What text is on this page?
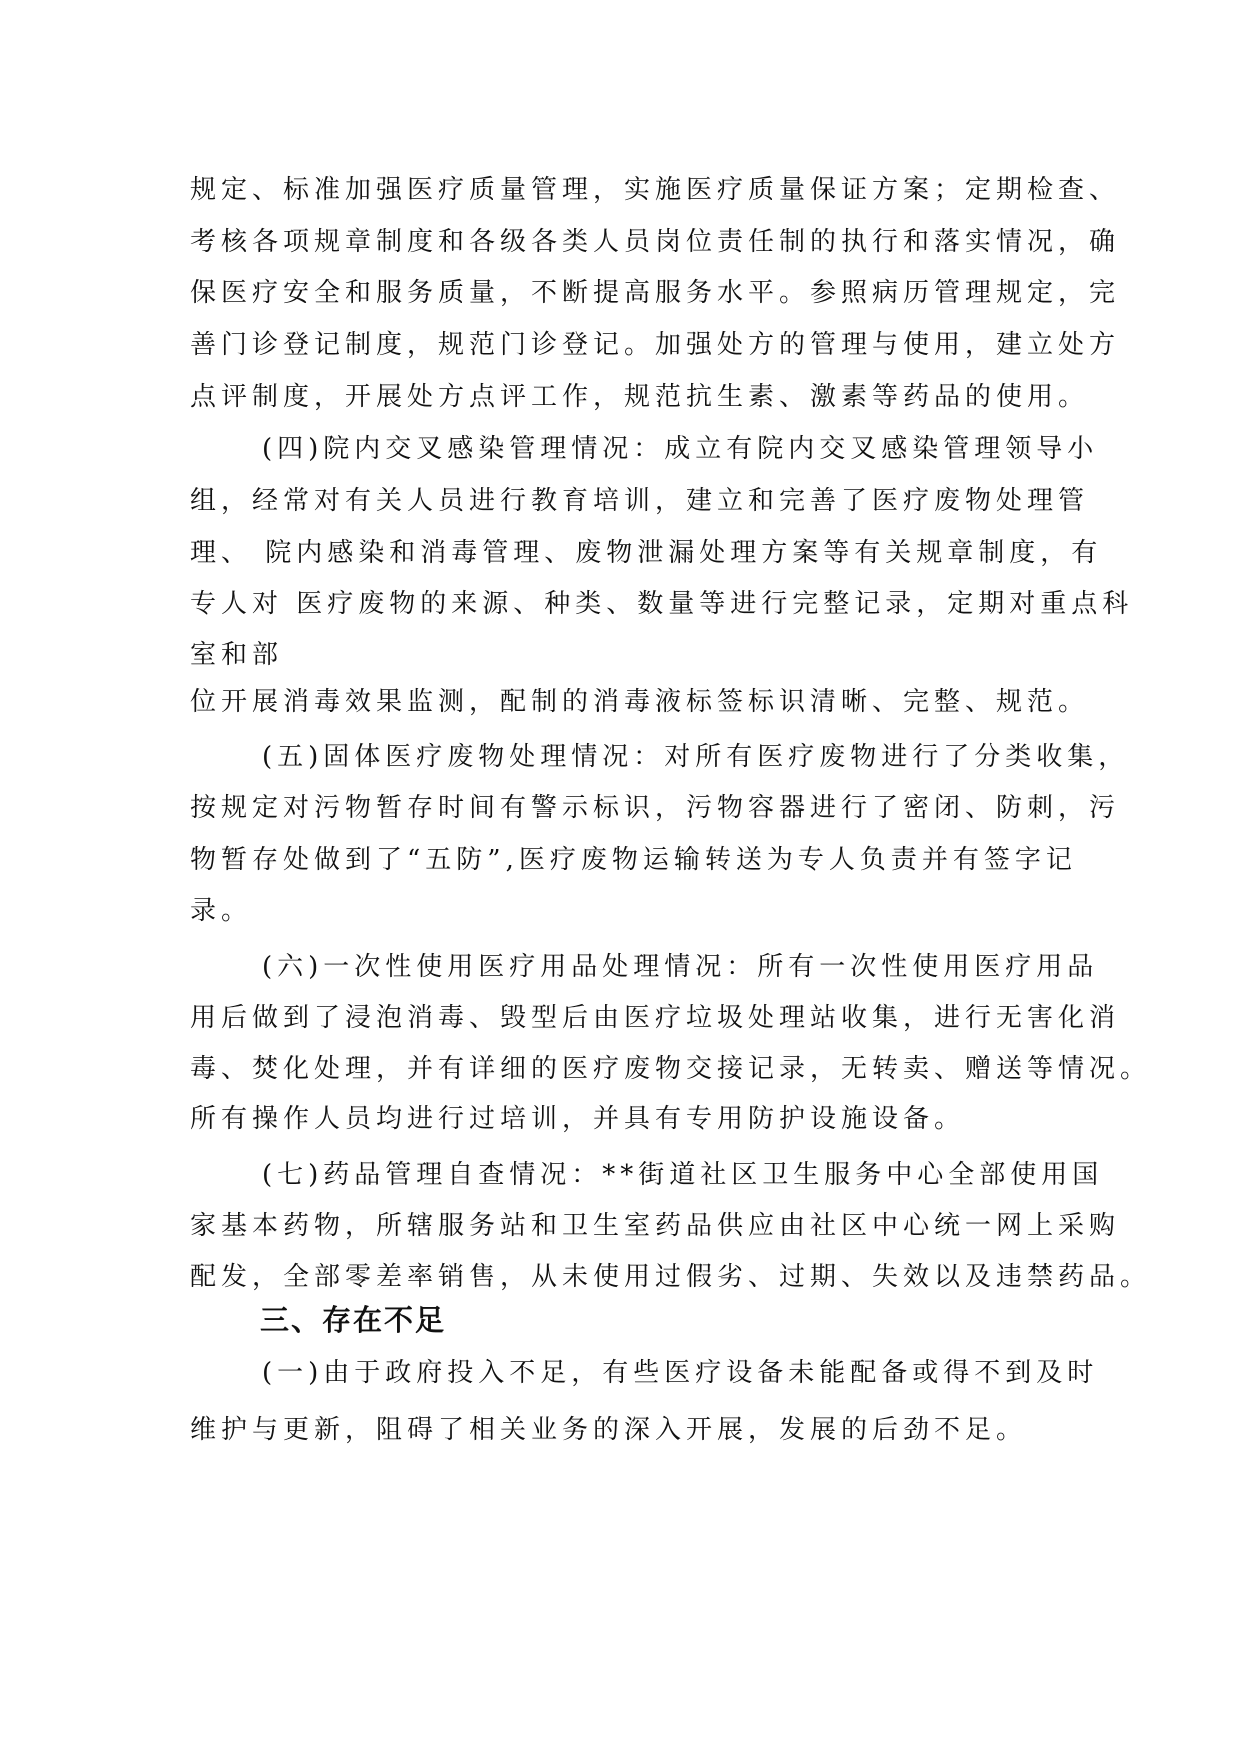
规定、标准加强医疗质量管理，实施医疗质量保证方案；定期检查、
考核各项规章制度和各级各类人员岗位责任制的执行和落实情况，确
保医疗安全和服务质量，不断提高服务水平。参照病历管理规定，完
善门诊登记制度，规范门诊登记。加强处方的管理与使用，建立处方
点评制度，开展处方点评工作，规范抗生素、激素等药品的使用。
(四)院内交叉感染管理情况：成立有院内交叉感染管理领导小
组，经常对有关人员进行教育培训，建立和完善了医疗废物处理管
理、 院内感染和消毒管理、废物泄漏处理方案等有关规章制度，有
专人对 医疗废物的来源、种类、数量等进行完整记录，定期对重点科
室和部
位开展消毒效果监测，配制的消毒液标签标识清晰、完整、规范。
(五)固体医疗废物处理情况：对所有医疗废物进行了分类收集，
按规定对污物暂存时间有警示标识，污物容器进行了密闭、防刺，污
物暂存处做到了“五防”,医疗废物运输转送为专人负责并有签字记
录。
(六)一次性使用医疗用品处理情况：所有一次性使用医疗用品
用后做到了浸泡消毒、毁型后由医疗垃圾处理站收集，进行无害化消
毒、焚化处理，并有详细的医疗废物交接记录，无转卖、赠送等情况。
所有操作人员均进行过培训，并具有专用防护设施设备。
(七)药品管理自查情况：**街道社区卫生服务中心全部使用国
家基本药物，所辖服务站和卫生室药品供应由社区中心统一网上采购
配发，全部零差率销售，从未使用过假劣、过期、失效以及违禁药品。
三、存在不足
(一)由于政府投入不足，有些医疗设备未能配备或得不到及时
维护与更新，阻碍了相关业务的深入开展，发展的后劲不足。
